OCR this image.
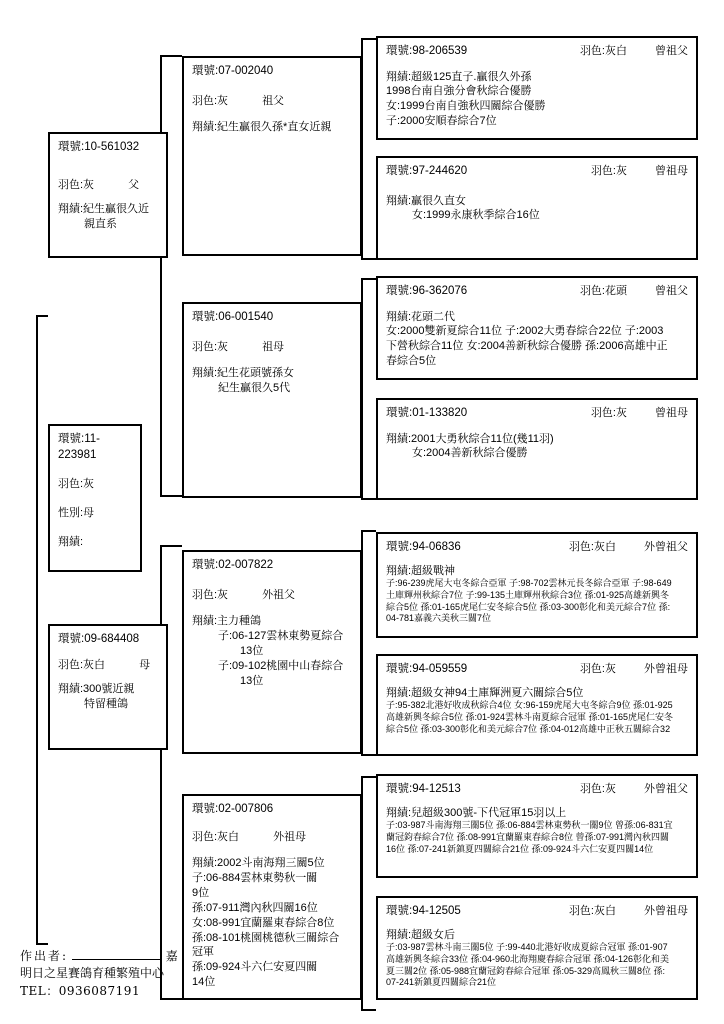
環號:10-561032
羽色:灰	父
翔績:紀生贏很久近
親直系
環號:11-223981
羽色:灰
性別:母
翔績:
環號:09-684408
羽色:灰白	母
翔績:300號近親
特留種鴿
環號:07-002040
羽色:灰	祖父
翔績:紀生贏很久孫*直女近親
環號:06-001540
羽色:灰	祖母
翔績:紀生花頭號孫女
紀生贏很久5代
環號:02-007822
羽色:灰	外祖父
翔績:主力種鴿
子:06-127雲林東勢夏綜合
13位
子:09-102桃園中山春綜合
13位
環號:02-007806
羽色:灰白	外祖母
翔績:2002斗南海翔三關5位
子:06-884雲林東勢秋一關
9位
孫:07-911灣內秋四關16位
女:08-991宜蘭羅東春綜合8位
孫:08-101桃園桃德秋三關綜合
冠軍
孫:09-924斗六仁安夏四關
14位
環號:98-206539	羽色:灰白	曾祖父
翔績:超級125直子.贏很久外孫
1998台南自強分會秋綜合優勝
女:1999台南自強秋四關綜合優勝
子:2000安順春綜合7位
環號:97-244620	羽色:灰	曾祖母
翔績:贏很久直女
女:1999永康秋季綜合16位
環號:96-362076	羽色:花頭	曾祖父
翔績:花頭二代
女:2000雙新夏綜合11位 子:2002大勇春綜合22位 子:2003
下營秋綜合11位 女:2004善新秋綜合優勝 孫:2006高雄中正
春綜合5位
環號:01-133820	羽色:灰	曾祖母
翔績:2001大勇秋綜合11位(幾11羽)
女:2004善新秋綜合優勝
環號:94-06836	羽色:灰白	外曾祖父
翔績:超級戰神
子:96-239虎尾大屯冬綜合亞軍 子:98-702雲林元長冬綜合亞軍 子:98-649
土庫輝州秋綜合7位 子:99-135土庫輝州秋綜合3位 孫:01-925高雄新興冬
綜合5位 孫:01-165虎尾仁安冬綜合5位 孫:03-300彰化和美元綜合7位 孫:
04-781嘉義六美秋三關7位
環號:94-059559	羽色:灰	外曾祖母
翔績:超級女神94土庫輝洲夏六關綜合5位
子:95-382北港好收成秋綜合4位 女:96-159虎尾大屯冬綜合9位 孫:01-925
高雄新興冬綜合5位 孫:01-924雲林斗南夏綜合冠軍 孫:01-165虎尾仁安冬
綜合5位 孫:03-300彰化和美元綜合7位 孫:04-012高雄中正秋五關綜合32
環號:94-12513	羽色:灰	外曾祖父
翔績:兒超級300號-下代冠軍15羽以上
子:03-987斗南海翔三關5位 孫:06-884雲林東勢秋一關9位 曾孫:06-831宜
蘭冠鈞春綜合7位 孫:08-991宜蘭羅東春綜合8位 曾孫:07-991灣內秋四關
16位 孫:07-241新鎮夏四關綜合21位 孫:09-924斗六仁安夏四關14位
環號:94-12505	羽色:灰白	外曾祖母
翔績:超級女后
子:03-987雲林斗南三關5位 子:99-440北港好收成夏綜合冠軍 孫:01-907
高雄新興冬綜合33位 孫:04-960北海翔慶春綜合冠軍 孫:04-126彰化和美
夏三關2位 孫:05-988宜蘭冠鈞春綜合冠軍 孫:05-329高鳳秋三關8位 孫:
07-241新鎮夏四關綜合21位
作出者:	嘉
明日之星賽鴿育種繁殖中心
TEL：0936087191
